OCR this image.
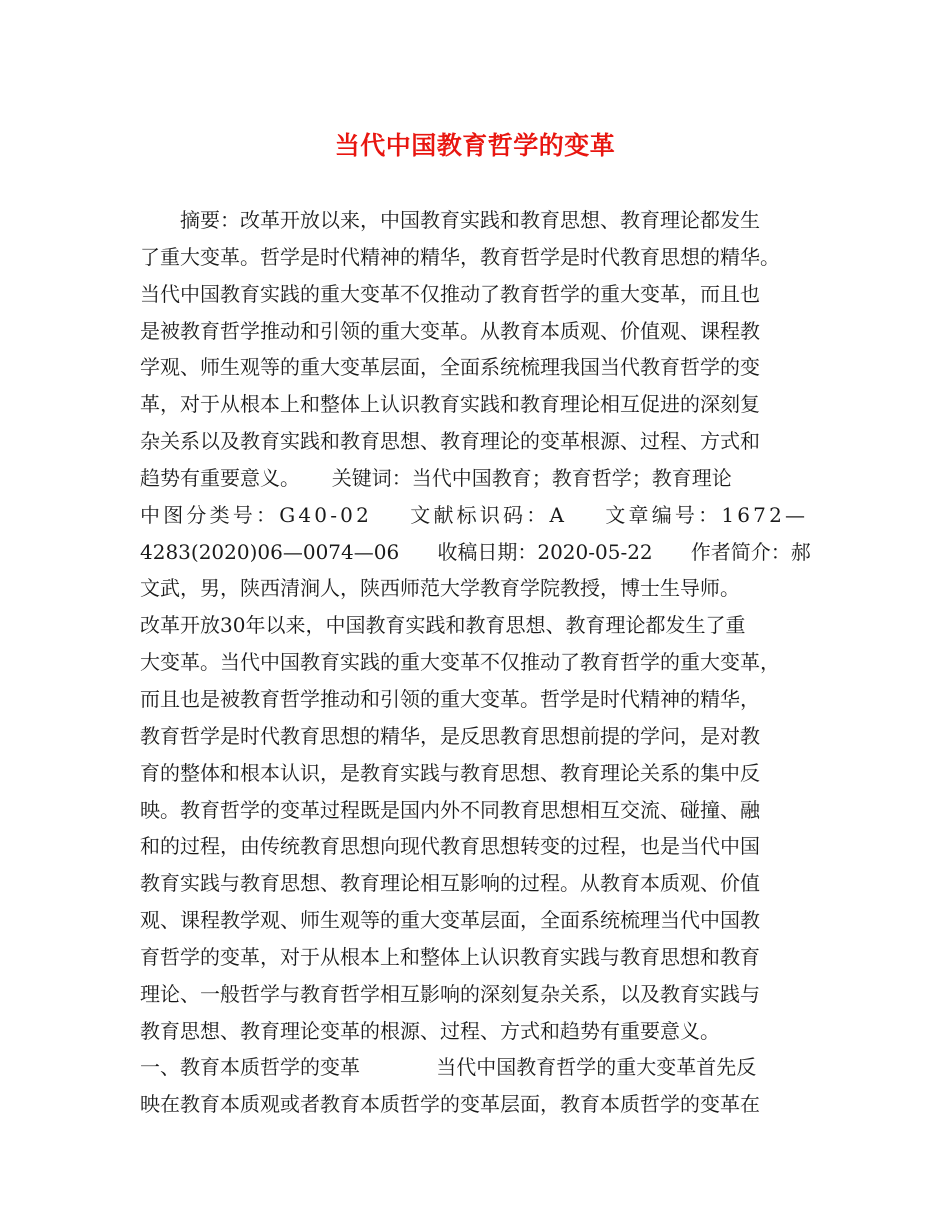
当代中国教育哲学的变革
摘要：改革开放以来，中国教育实践和教育思想、教育理论都发生
了重大变革。哲学是时代精神的精华，教育哲学是时代教育思想的精华。
当代中国教育实践的重大变革不仅推动了教育哲学的重大变革，而且也
是被教育哲学推动和引领的重大变革。从教育本质观、价值观、课程教
学观、师生观等的重大变革层面，全面系统梳理我国当代教育哲学的变
革，对于从根本上和整体上认识教育实践和教育理论相互促进的深刻复
杂关系以及教育实践和教育思想、教育理论的变革根源、过程、方式和
趋势有重要意义。     关键词：当代中国教育；教育哲学；教育理论
中图分类号：G40-02    文献标识码：A    文章编号：1672—
4283(2020)06—0074—06      收稿日期：2020-05-22      作者简介：郝
文武，男，陕西清涧人，陕西师范大学教育学院教授，博士生导师。
改革开放30年以来，中国教育实践和教育思想、教育理论都发生了重
大变革。当代中国教育实践的重大变革不仅推动了教育哲学的重大变革，
而且也是被教育哲学推动和引领的重大变革。哲学是时代精神的精华，
教育哲学是时代教育思想的精华，是反思教育思想前提的学问，是对教
育的整体和根本认识，是教育实践与教育思想、教育理论关系的集中反
映。教育哲学的变革过程既是国内外不同教育思想相互交流、碰撞、融
和的过程，由传统教育思想向现代教育思想转变的过程，也是当代中国
教育实践与教育思想、教育理论相互影响的过程。从教育本质观、价值
观、课程教学观、师生观等的重大变革层面，全面系统梳理当代中国教
育哲学的变革，对于从根本上和整体上认识教育实践与教育思想和教育
理论、一般哲学与教育哲学相互影响的深刻复杂关系，以及教育实践与
教育思想、教育理论变革的根源、过程、方式和趋势有重要意义。
一、教育本质哲学的变革            当代中国教育哲学的重大变革首先反
映在教育本质观或者教育本质哲学的变革层面，教育本质哲学的变革在
